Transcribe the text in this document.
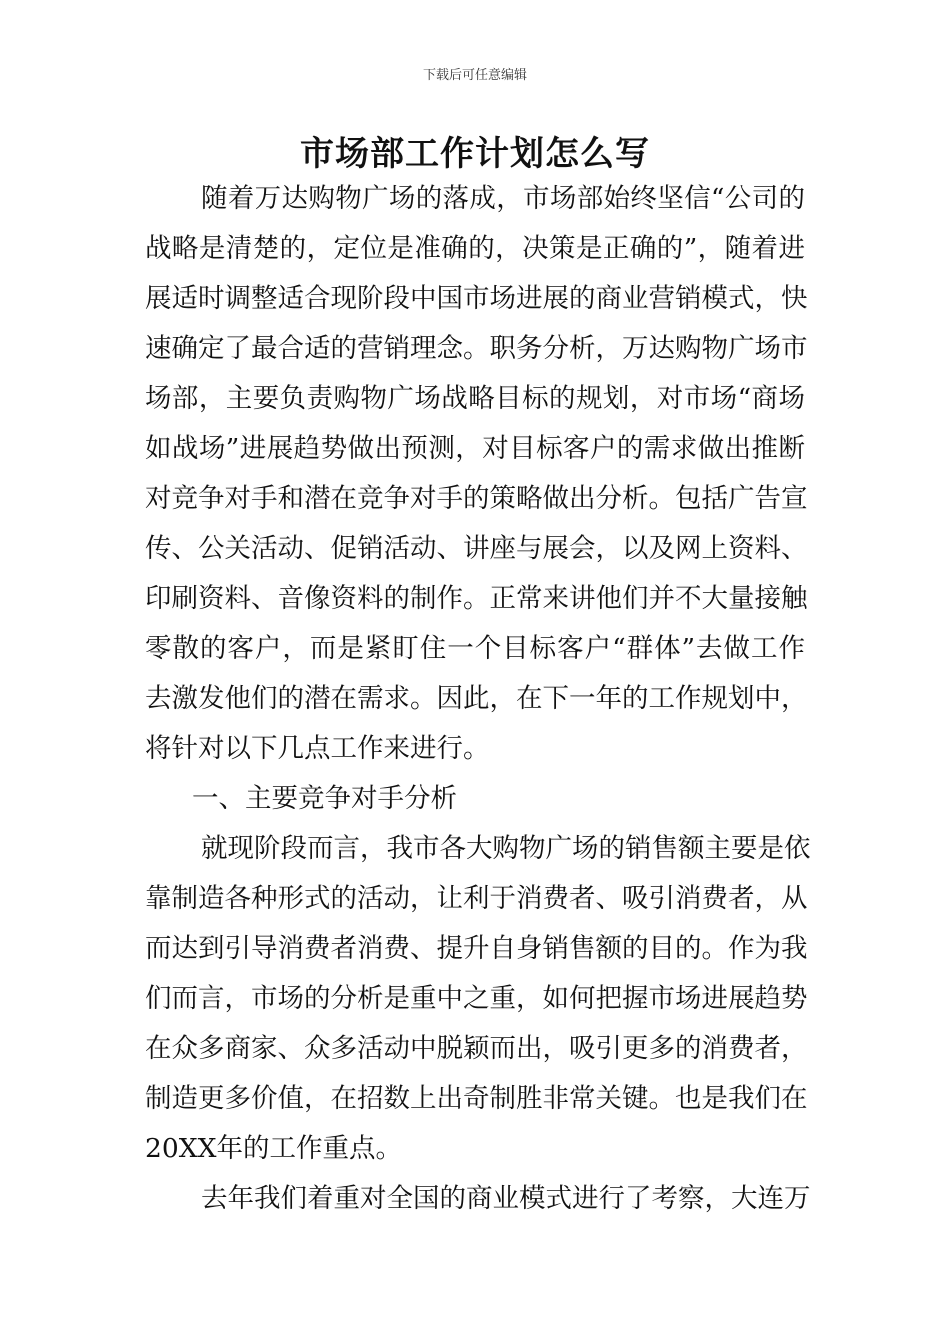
下载后可任意编辑
市场部工作计划怎么写
随着万达购物广场的落成，市场部始终坚信“公司的
战略是清楚的，定位是准确的，决策是正确的”，随着进
展适时调整适合现阶段中国市场进展的商业营销模式，快
速确定了最合适的营销理念。职务分析，万达购物广场市
场部，主要负责购物广场战略目标的规划，对市场“商场
如战场”进展趋势做出预测，对目标客户的需求做出推断
对竞争对手和潜在竞争对手的策略做出分析。包括广告宣
传、公关活动、促销活动、讲座与展会，以及网上资料、
印刷资料、音像资料的制作。正常来讲他们并不大量接触
零散的客户，而是紧盯住一个目标客户“群体”去做工作
去激发他们的潜在需求。因此，在下一年的工作规划中，
将针对以下几点工作来进行。
一、主要竞争对手分析
就现阶段而言，我市各大购物广场的销售额主要是依
靠制造各种形式的活动，让利于消费者、吸引消费者，从
而达到引导消费者消费、提升自身销售额的目的。作为我
们而言，市场的分析是重中之重，如何把握市场进展趋势
在众多商家、众多活动中脱颖而出，吸引更多的消费者，
制造更多价值，在招数上出奇制胜非常关键。也是我们在
20XX年的工作重点。
去年我们着重对全国的商业模式进行了考察，大连万
